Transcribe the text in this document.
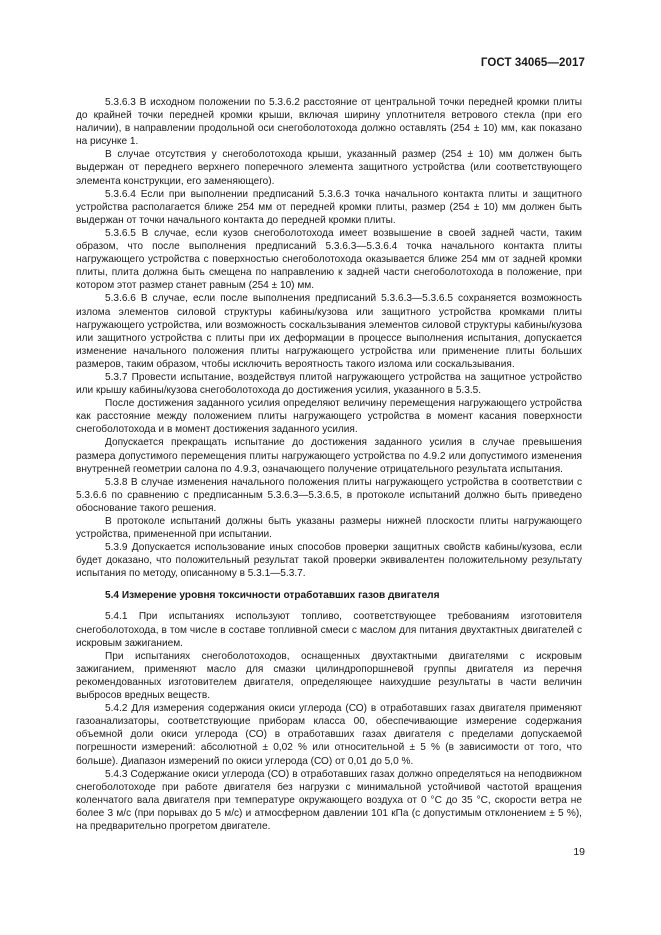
ГОСТ 34065—2017

5.3.6.3 В исходном положении по 5.3.6.2 расстояние от центральной точки передней кромки плиты до крайней точки передней кромки крыши, включая ширину уплотнителя ветрового стекла (при его наличии), в направлении продольной оси снегоболотохода должно оставлять (254 ± 10) мм, как показано на рисунке 1.

В случае отсутствия у снегоболотохода крыши, указанный размер (254 ± 10) мм должен быть выдержан от переднего верхнего поперечного элемента защитного устройства (или соответствующего элемента конструкции, его заменяющего).

5.3.6.4 Если при выполнении предписаний 5.3.6.3 точка начального контакта плиты и защитного устройства располагается ближе 254 мм от передней кромки плиты, размер (254 ± 10) мм должен быть выдержан от точки начального контакта до передней кромки плиты.

5.3.6.5 В случае, если кузов снегоболотохода имеет возвышение в своей задней части, таким образом, что после выполнения предписаний 5.3.6.3—5.3.6.4 точка начального контакта плиты нагружающего устройства с поверхностью снегоболотохода оказывается ближе 254 мм от задней кромки плиты, плита должна быть смещена по направлению к задней части снегоболотохода в положение, при котором этот размер станет равным (254 ± 10) мм.

5.3.6.6 В случае, если после выполнения предписаний 5.3.6.3—5.3.6.5 сохраняется возможность излома элементов силовой структуры кабины/кузова или защитного устройства кромками плиты нагружающего устройства, или возможность соскальзывания элементов силовой структуры кабины/кузова или защитного устройства с плиты при их деформации в процессе выполнения испытания, допускается изменение начального положения плиты нагружающего устройства или применение плиты больших размеров, таким образом, чтобы исключить вероятность такого излома или соскальзывания.

5.3.7 Провести испытание, воздействуя плитой нагружающего устройства на защитное устройство или крышу кабины/кузова снегоболотохода до достижения усилия, указанного в 5.3.5.

После достижения заданного усилия определяют величину перемещения нагружающего устройства как расстояние между положением плиты нагружающего устройства в момент касания поверхности снегоболотохода и в момент достижения заданного усилия.

Допускается прекращать испытание до достижения заданного усилия в случае превышения размера допустимого перемещения плиты нагружающего устройства по 4.9.2 или допустимого изменения внутренней геометрии салона по 4.9.3, означающего получение отрицательного результата испытания.

5.3.8 В случае изменения начального положения плиты нагружающего устройства в соответствии с 5.3.6.6 по сравнению с предписанным 5.3.6.3—5.3.6.5, в протоколе испытаний должно быть приведено обоснование такого решения.

В протоколе испытаний должны быть указаны размеры нижней плоскости плиты нагружающего устройства, примененной при испытании.

5.3.9 Допускается использование иных способов проверки защитных свойств кабины/кузова, если будет доказано, что положительный результат такой проверки эквивалентен положительному результату испытания по методу, описанному в 5.3.1—5.3.7.

5.4 Измерение уровня токсичности отработавших газов двигателя

5.4.1 При испытаниях используют топливо, соответствующее требованиям изготовителя снегоболотохода, в том числе в составе топливной смеси с маслом для питания двухтактных двигателей с искровым зажиганием.

При испытаниях снегоболотоходов, оснащенных двухтактными двигателями с искровым зажиганием, применяют масло для смазки цилиндропоршневой группы двигателя из перечня рекомендованных изготовителем двигателя, определяющее наихудшие результаты в части величин выбросов вредных веществ.

5.4.2 Для измерения содержания окиси углерода (СО) в отработавших газах двигателя применяют газоанализаторы, соответствующие приборам класса 00, обеспечивающие измерение содержания объемной доли окиси углерода (СО) в отработавших газах двигателя с пределами допускаемой погрешности измерений: абсолютной ± 0,02 % или относительной ± 5 % (в зависимости от того, что больше). Диапазон измерений по окиси углерода (СО) от 0,01 до 5,0 %.

5.4.3 Содержание окиси углерода (СО) в отработавших газах должно определяться на неподвижном снегоболотоходе при работе двигателя без нагрузки с минимальной устойчивой частотой вращения коленчатого вала двигателя при температуре окружающего воздуха от 0 °С до 35 °С, скорости ветра не более 3 м/с (при порывах до 5 м/с) и атмосферном давлении 101 кПа (с допустимым отклонением ± 5 %), на предварительно прогретом двигателе.

19
